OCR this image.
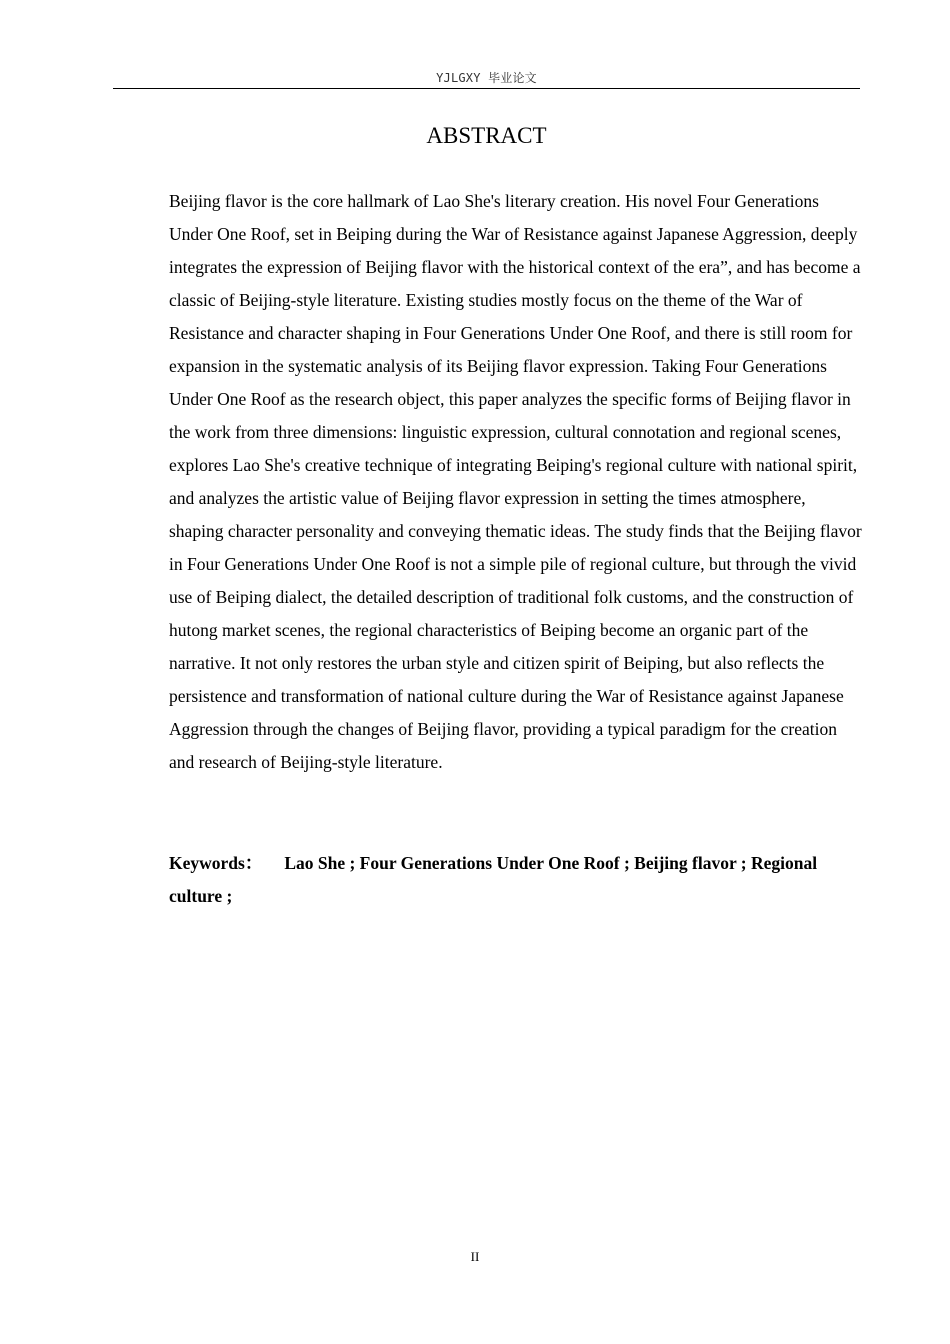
YJLGXY 毕业论文
ABSTRACT

Beijing flavor is the core hallmark of Lao She's literary creation. His novel Four Generations Under One Roof, set in Beiping during the War of Resistance against Japanese Aggression, deeply integrates the expression of Beijing flavor with the historical context of the era”, and has become a classic of Beijing-style literature. Existing studies mostly focus on the theme of the War of Resistance and character shaping in Four Generations Under One Roof, and there is still room for expansion in the systematic analysis of its Beijing flavor expression. Taking Four Generations Under One Roof as the research object, this paper analyzes the specific forms of Beijing flavor in the work from three dimensions: linguistic expression, cultural connotation and regional scenes, explores Lao She's creative technique of integrating Beiping's regional culture with national spirit, and analyzes the artistic value of Beijing flavor expression in setting the times atmosphere, shaping character personality and conveying thematic ideas. The study finds that the Beijing flavor in Four Generations Under One Roof is not a simple pile of regional culture, but through the vivid use of Beiping dialect, the detailed description of traditional folk customs, and the construction of hutong market scenes, the regional characteristics of Beiping become an organic part of the narrative. It not only restores the urban style and citizen spirit of Beiping, but also reflects the persistence and transformation of national culture during the War of Resistance against Japanese Aggression through the changes of Beijing flavor, providing a typical paradigm for the creation and research of Beijing-style literature.

Keywords： Lao She ; Four Generations Under One Roof ; Beijing flavor ; Regional culture ;

II
